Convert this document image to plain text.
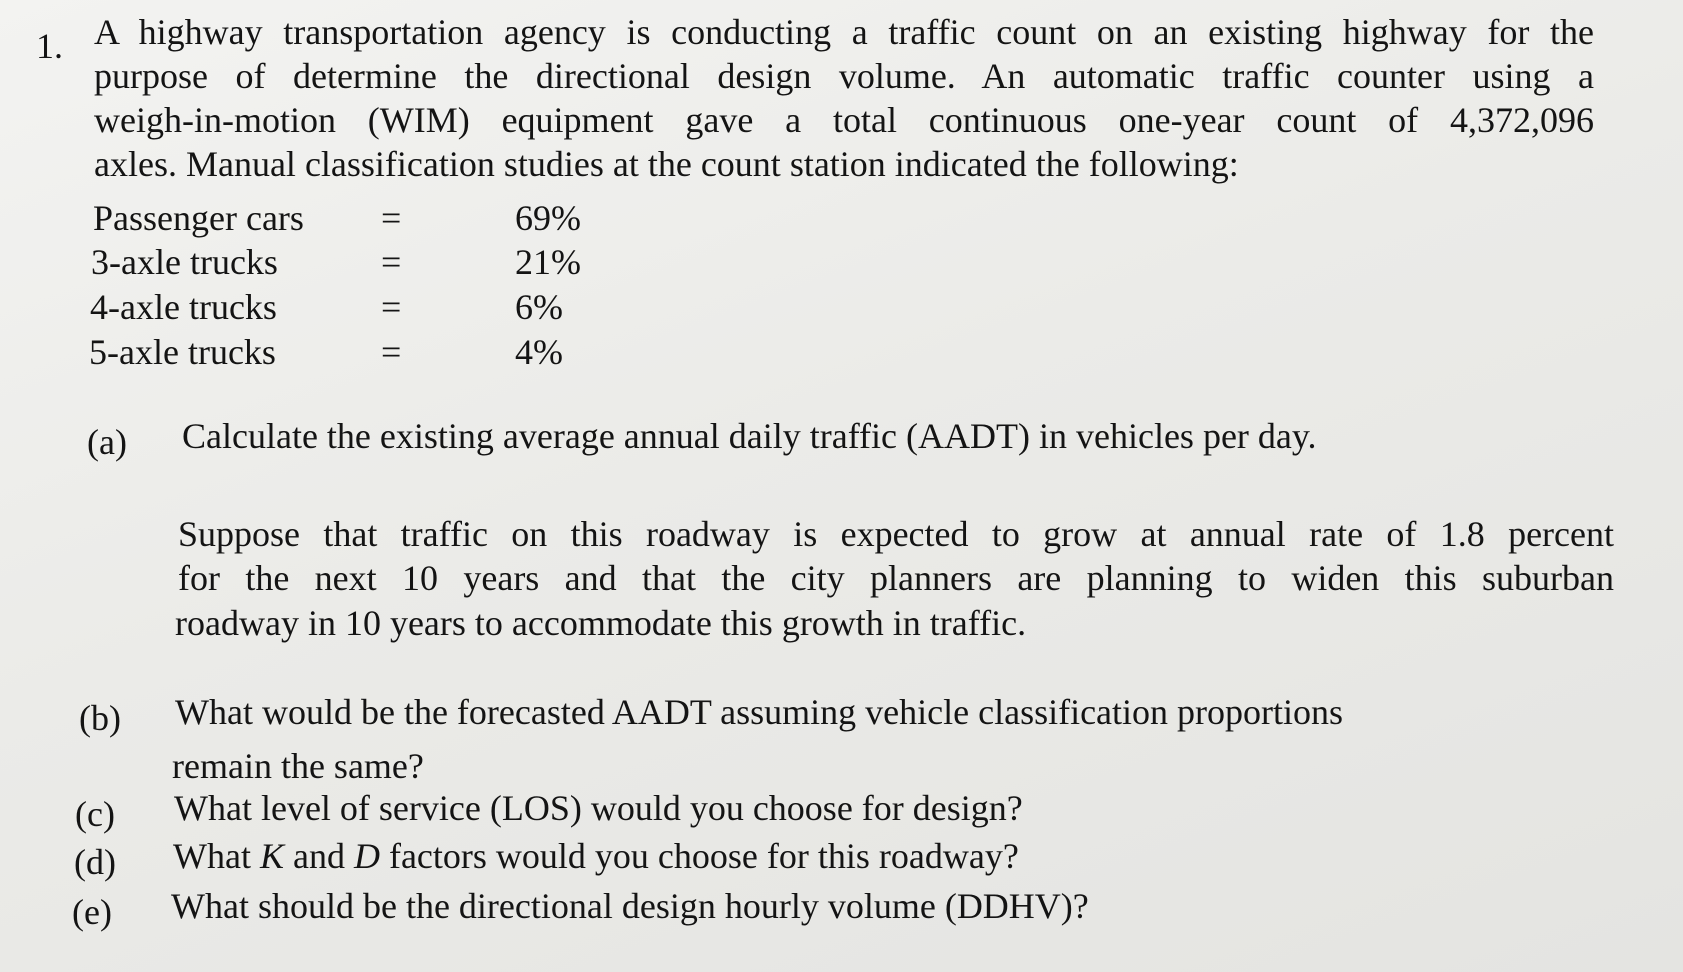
1. A highway transportation agency is conducting a traffic count on an existing highway for the
purpose of determine the directional design volume. An automatic traffic counter using a
weigh-in-motion (WIM) equipment gave a total continuous one-year count of 4,372,096
axles. Manual classification studies at the count station indicated the following:
Passenger cars =	69%
3-axle trucks	=	21%
4-axle trucks	=	6%
5-axle trucks	=	4%
(a) Calculate the existing average annual daily traffic (AADT) in vehicles per day.
Suppose that traffic on this roadway is expected to grow at annual rate of 1.8 percent
for the next 10 years and that the city planners are planning to widen this suburban
roadway in 10 years to accommodate this growth in traffic.
(b) What would be the forecasted AADT assuming vehicle classification proportions
remain the same?
(c) What level of service (LOS) would you choose for design?
(d) What K and D factors would you choose for this roadway?
(e) What should be the directional design hourly volume (DDHV)?
